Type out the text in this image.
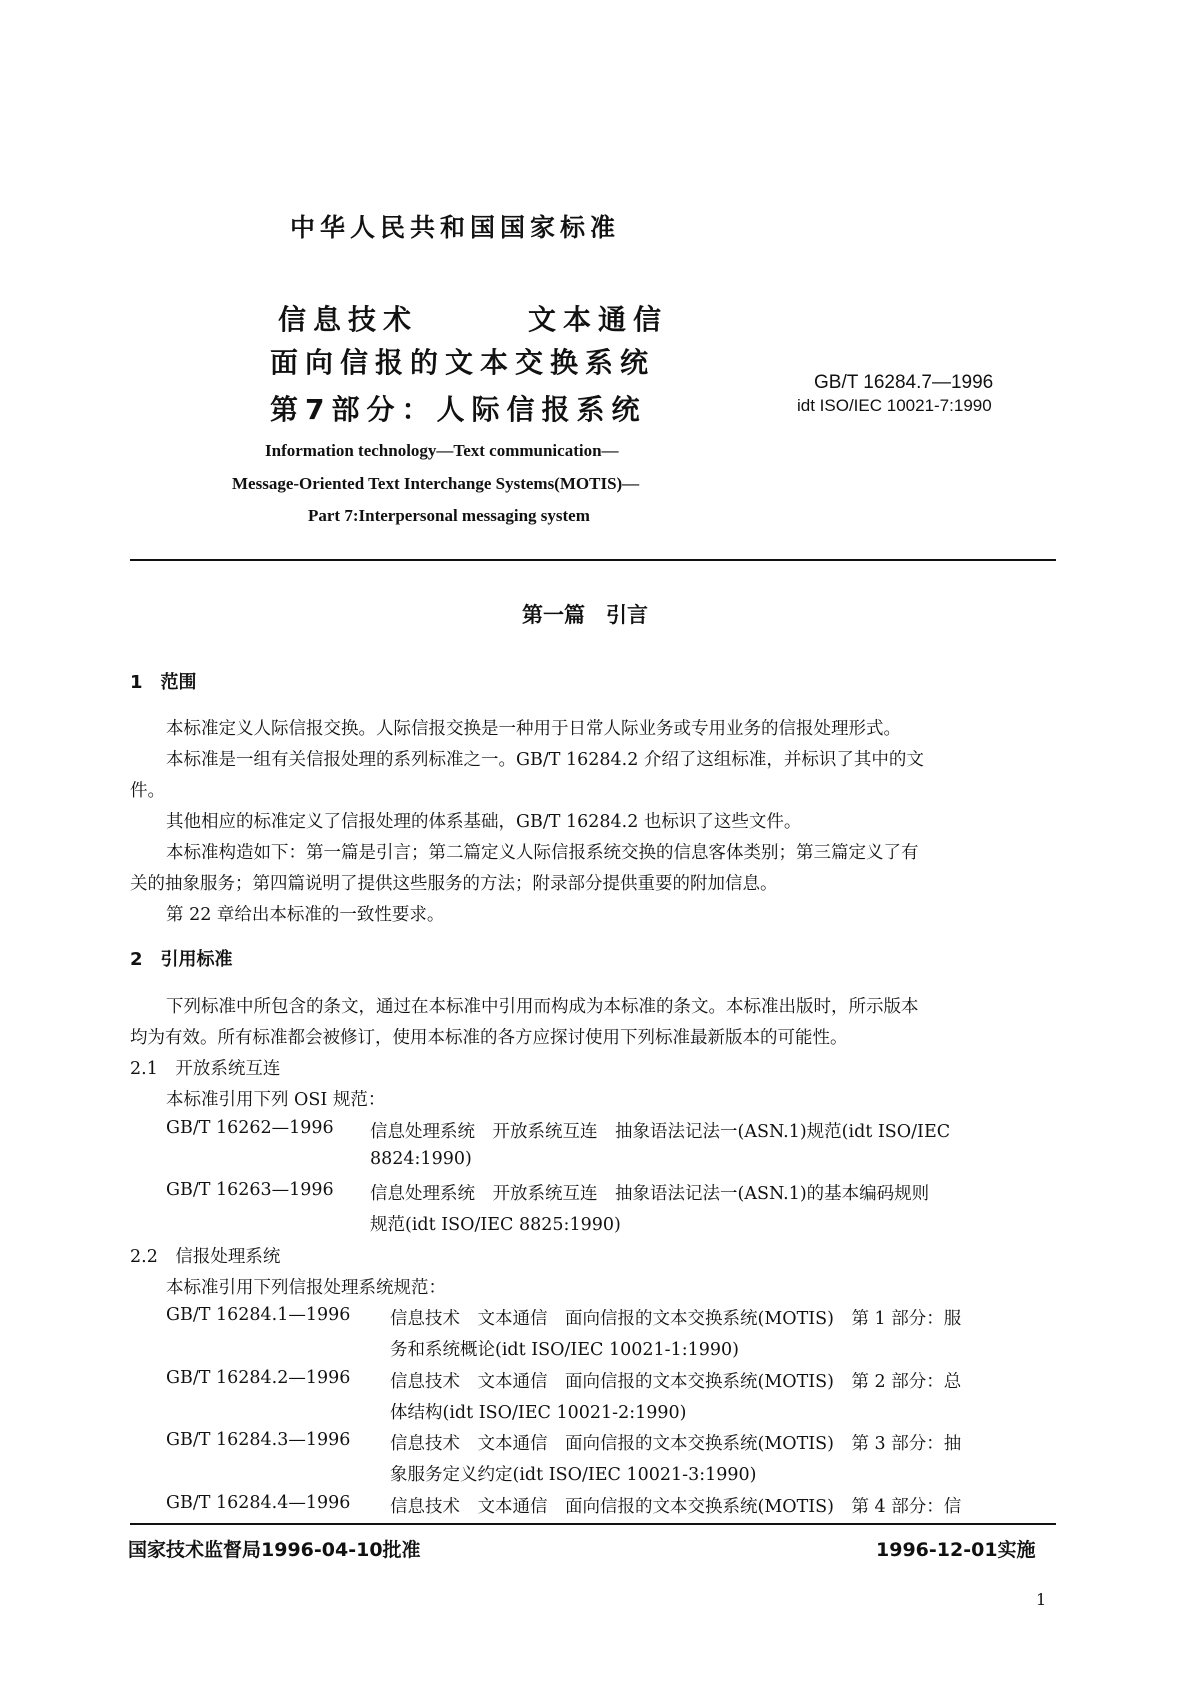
中华人民共和国国家标准
信息技术	文本通信
面向信报的文本交换系统
第7部分：人际信报系统
GB/T 16284.7—1996
idt ISO/IEC 10021-7:1990
Information technology—Text communication—
Message-Oriented Text Interchange Systems(MOTIS)—
Part 7:Interpersonal messaging system
第一篇　引言
1　范围
本标准定义人际信报交换。人际信报交换是一种用于日常人际业务或专用业务的信报处理形式。
本标准是一组有关信报处理的系列标准之一。GB/T 16284.2 介绍了这组标准，并标识了其中的文
件。
其他相应的标准定义了信报处理的体系基础，GB/T 16284.2 也标识了这些文件。
本标准构造如下：第一篇是引言；第二篇定义人际信报系统交换的信息客体类别；第三篇定义了有
关的抽象服务；第四篇说明了提供这些服务的方法；附录部分提供重要的附加信息。
第 22 章给出本标准的一致性要求。
2　引用标准
下列标准中所包含的条文，通过在本标准中引用而构成为本标准的条文。本标准出版时，所示版本
均为有效。所有标准都会被修订，使用本标准的各方应探讨使用下列标准最新版本的可能性。
2.1　开放系统互连
本标准引用下列 OSI 规范：
GB/T 16262—1996 信息处理系统　开放系统互连　抽象语法记法一(ASN.1)规范(idt ISO/IEC
8824:1990)
GB/T 16263—1996 信息处理系统　开放系统互连　抽象语法记法一(ASN.1)的基本编码规则
规范(idt ISO/IEC 8825:1990)
2.2　信报处理系统
本标准引用下列信报处理系统规范：
GB/T 16284.1—1996 信息技术　文本通信　面向信报的文本交换系统(MOTIS)　第 1 部分：服
务和系统概论(idt ISO/IEC 10021-1:1990)
GB/T 16284.2—1996 信息技术　文本通信　面向信报的文本交换系统(MOTIS)　第 2 部分：总
体结构(idt ISO/IEC 10021-2:1990)
GB/T 16284.3—1996 信息技术　文本通信　面向信报的文本交换系统(MOTIS)　第 3 部分：抽
象服务定义约定(idt ISO/IEC 10021-3:1990)
GB/T 16284.4—1996 信息技术　文本通信　面向信报的文本交换系统(MOTIS)　第 4 部分：信
国家技术监督局1996-04-10批准	1996-12-01实施
1
